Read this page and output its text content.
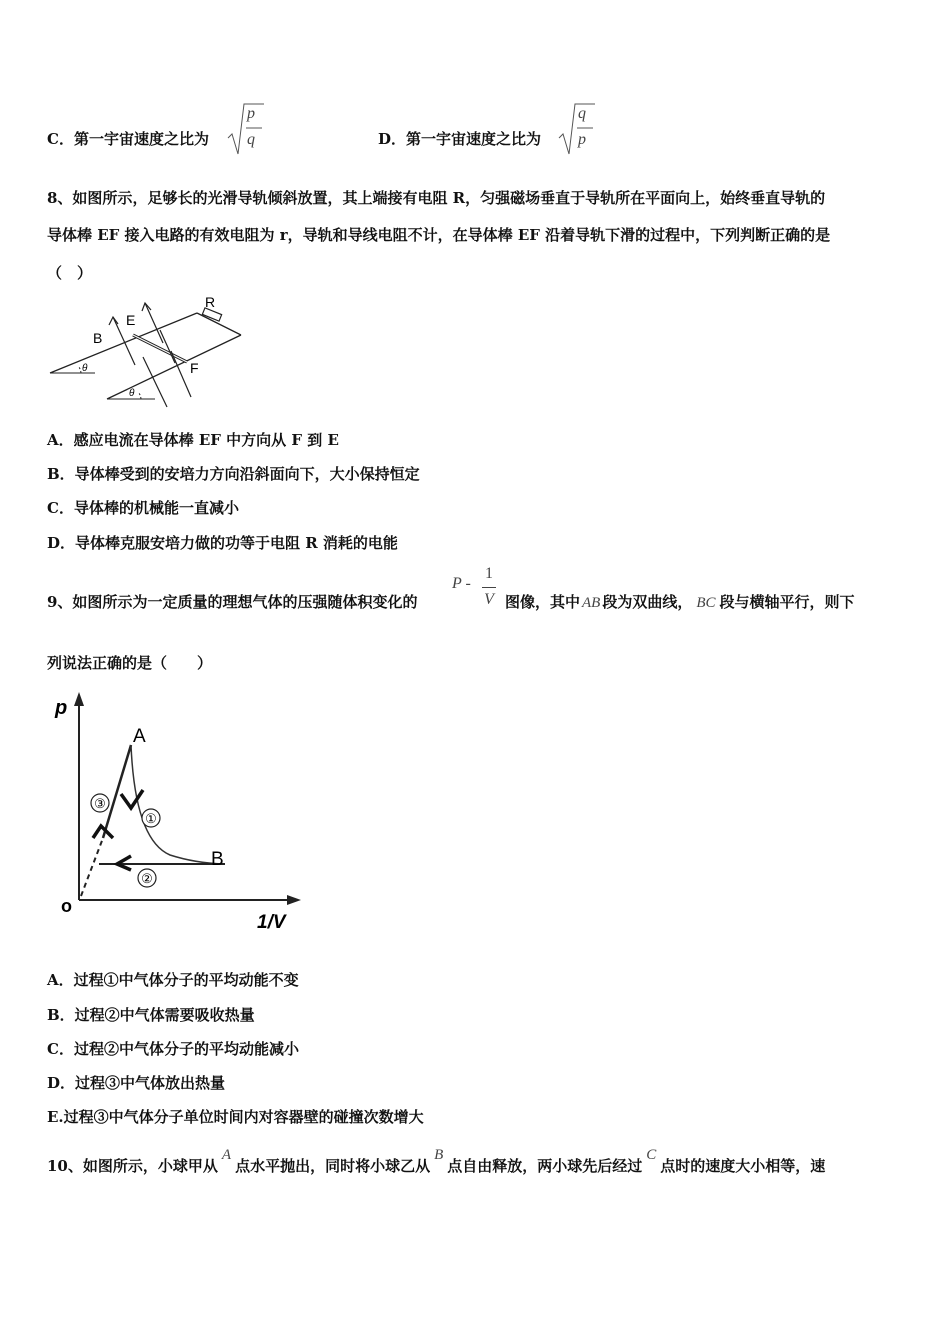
C．第一宇宙速度之比为
p
q	D．第一宇宙速度之比为
q
p
8、如图所示，足够长的光滑导轨倾斜放置，其上端接有电阻 R，匀强磁场垂直于导轨所在平面向上，始终垂直导轨的
导体棒 EF 接入电路的有效电阻为 r，导轨和导线电阻不计，在导体棒 EF 沿着导轨下滑的过程中，下列判断正确的是
（　）
θ
θ
R
B
E
F
A．感应电流在导体棒 EF 中方向从 F 到 E
B．导体棒受到的安培力方向沿斜面向下，大小保持恒定
C．导体棒的机械能一直减小
D．导体棒克服安培力做的功等于电阻 R 消耗的电能
9、如图所示为一定质量的理想气体的压强随体积变化的
P -
1
V 图像，其中 AB 段为双曲线， BC 段与横轴平行，则下
列说法正确的是（　　）
③
①
②
p
A
B
o
1/V
A．过程①中气体分子的平均动能不变
B．过程②中气体需要吸收热量
C．过程②中气体分子的平均动能减小
D．过程③中气体放出热量
E.过程③中气体分子单位时间内对容器壁的碰撞次数增大
10、如图所示，小球甲从A点水平抛出，同时将小球乙从B点自由释放，两小球先后经过C点时的速度大小相等，速
